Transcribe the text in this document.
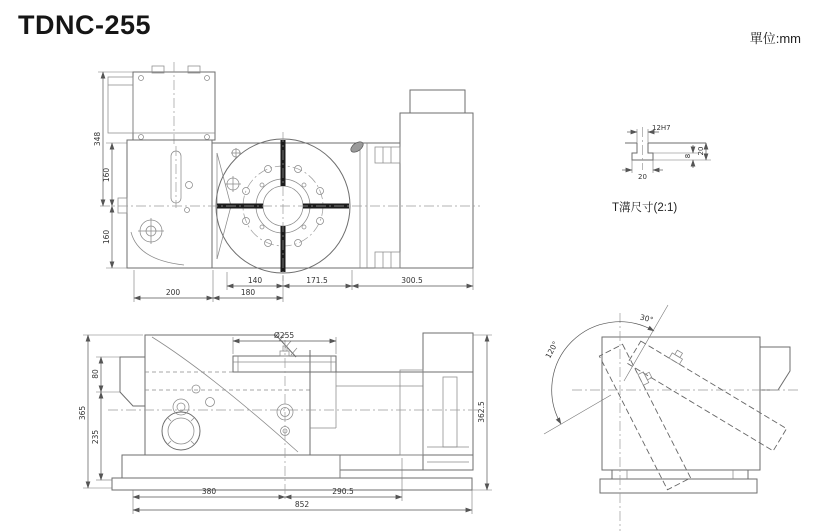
TDNC-255	單位:mm
348
160
160
140	171.5	300.5
200	180
12H7
20
8
20
T溝尺寸(2:1)
Ø255
365
80
235
362.5
380	290.5
852
30°
120°
